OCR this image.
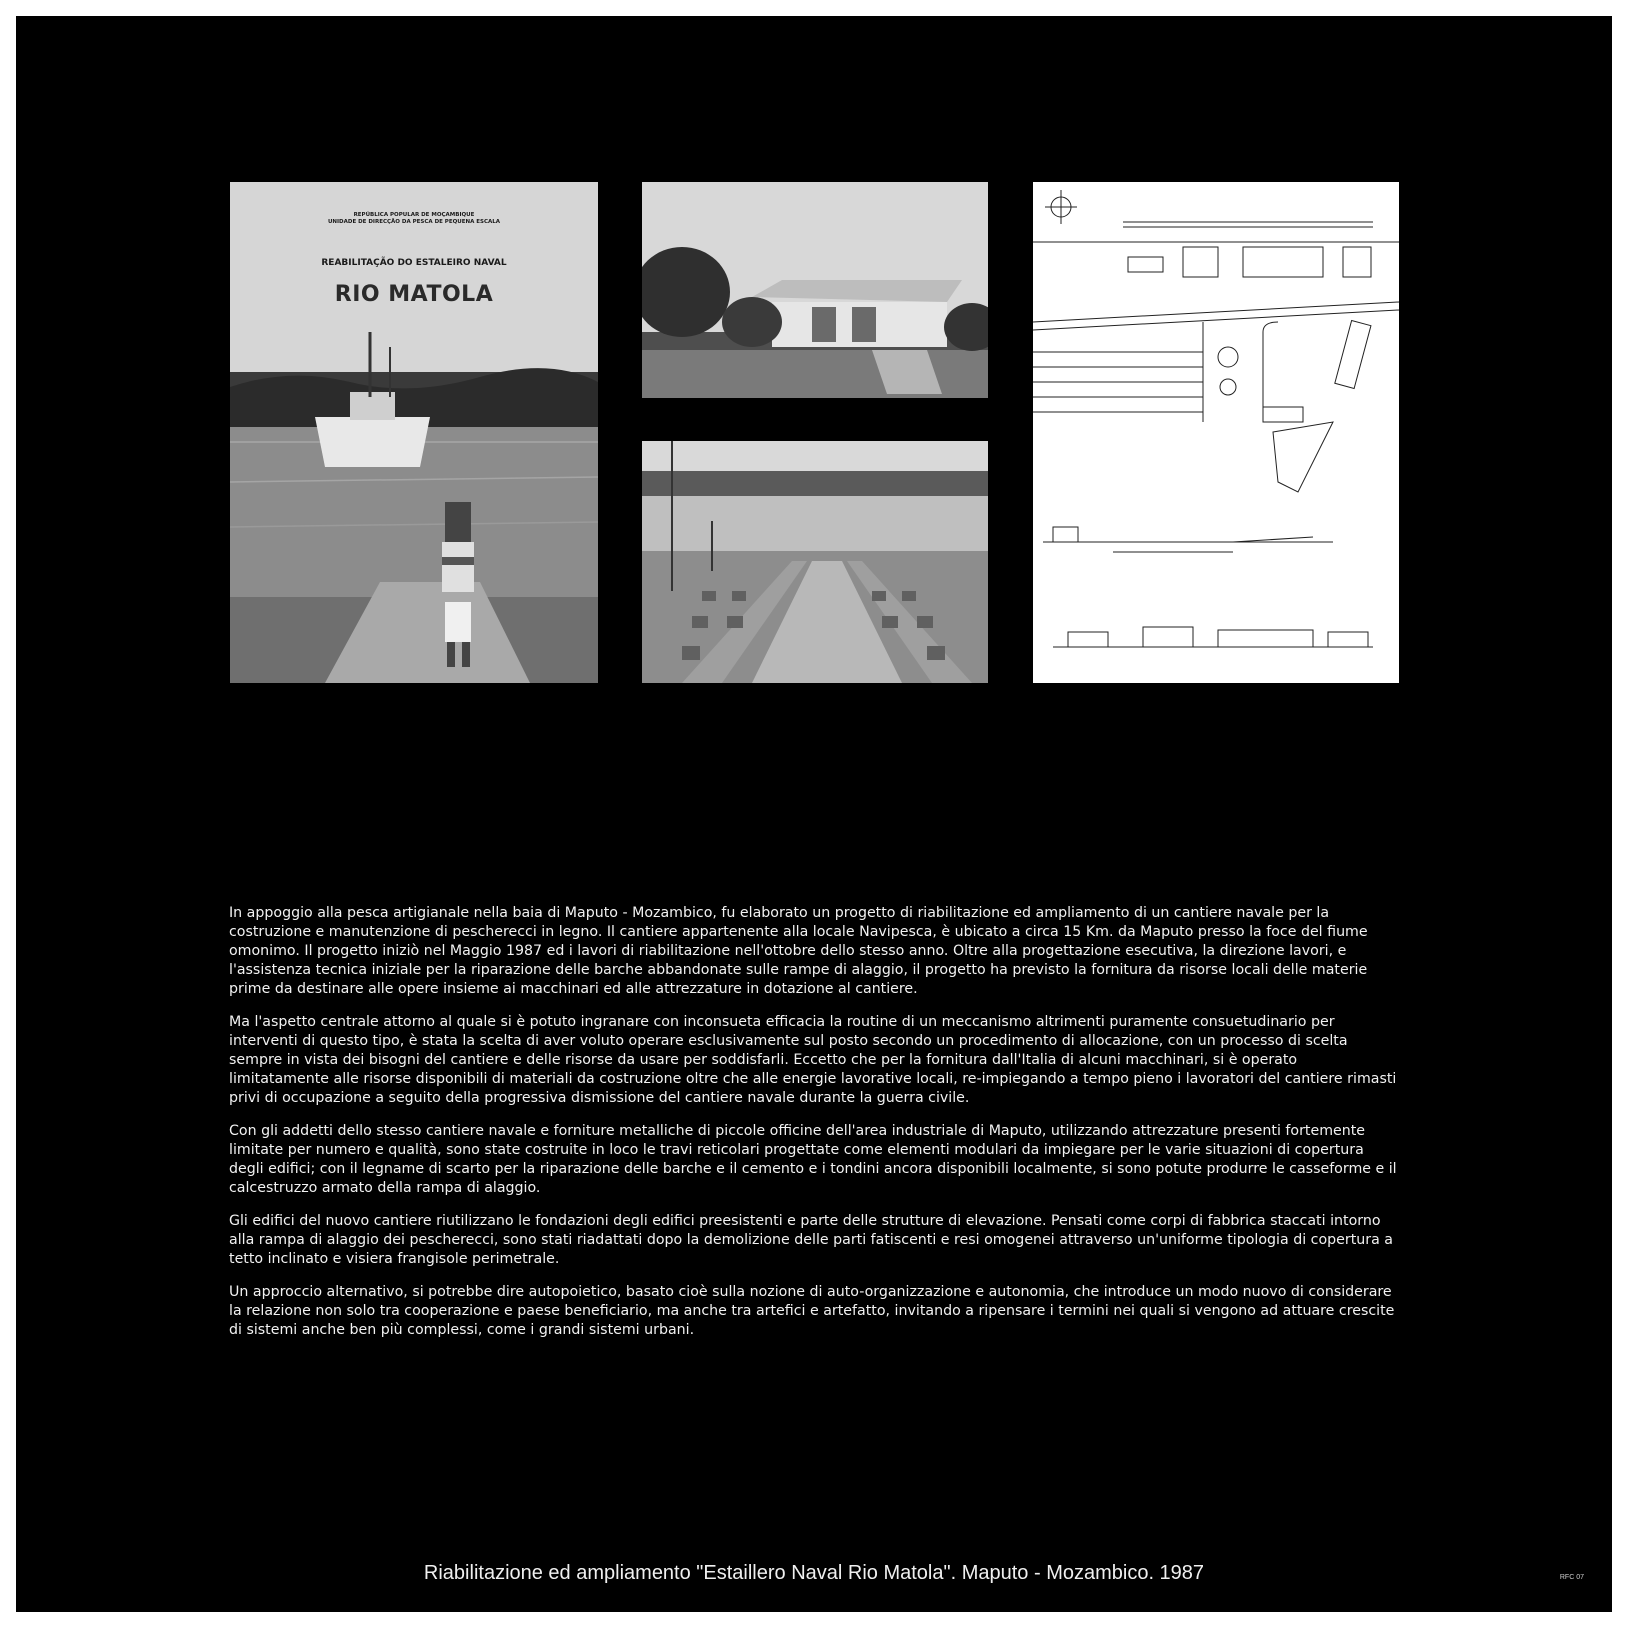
REPÚBLICA POPULAR DE MOÇAMBIQUE
UNIDADE DE DIRECÇÃO DA PESCA DE PEQUENA ESCALA
REABILITAÇÃO DO ESTALEIRO NAVAL
RIO MATOLA

In appoggio alla pesca artigianale nella baia di Maputo - Mozambico, fu elaborato un progetto di riabilitazione ed ampliamento di un cantiere navale per la costruzione e manutenzione di pescherecci in legno. Il cantiere appartenente alla locale Navipesca, è ubicato a circa 15 Km. da Maputo presso la foce del fiume omonimo. Il progetto iniziò nel Maggio 1987 ed i lavori di riabilitazione nell'ottobre dello stesso anno. Oltre alla progettazione esecutiva, la direzione lavori, e l'assistenza tecnica iniziale per la riparazione delle barche abbandonate sulle rampe di alaggio, il progetto ha previsto la fornitura da risorse locali delle materie prime da destinare alle opere insieme ai macchinari ed alle attrezzature in dotazione al cantiere.

Ma l'aspetto centrale attorno al quale si è potuto ingranare con inconsueta efficacia la routine di un meccanismo altrimenti puramente consuetudinario per interventi di questo tipo, è stata la scelta di aver voluto operare esclusivamente sul posto secondo un procedimento di allocazione, con un processo di scelta sempre in vista dei bisogni del cantiere e delle risorse da usare per soddisfarli. Eccetto che per la fornitura dall'Italia di alcuni macchinari, si è operato limitatamente alle risorse disponibili di materiali da costruzione oltre che alle energie lavorative locali, re-impiegando a tempo pieno i lavoratori del cantiere rimasti privi di occupazione a seguito della progressiva dismissione del cantiere navale durante la guerra civile.

Con gli addetti dello stesso cantiere navale e forniture metalliche di piccole officine dell'area industriale di Maputo, utilizzando attrezzature presenti fortemente limitate per numero e qualità, sono state costruite in loco le travi reticolari progettate come elementi modulari da impiegare per le varie situazioni di copertura degli edifici; con il legname di scarto per la riparazione delle barche e il cemento e i tondini ancora disponibili localmente, si sono potute produrre le casseforme e il calcestruzzo armato della rampa di alaggio.

Gli edifici del nuovo cantiere riutilizzano le fondazioni degli edifici preesistenti e parte delle strutture di elevazione. Pensati come corpi di fabbrica staccati intorno alla rampa di alaggio dei pescherecci, sono stati riadattati dopo la demolizione delle parti fatiscenti e resi omogenei attraverso un'uniforme tipologia di copertura a tetto inclinato e visiera frangisole perimetrale.

Un approccio alternativo, si potrebbe dire autopoietico, basato cioè sulla nozione di auto-organizzazione e autonomia, che introduce un modo nuovo di considerare la relazione non solo tra cooperazione e paese beneficiario, ma anche tra artefici e artefatto, invitando a ripensare i termini nei quali si vengono ad attuare crescite di sistemi anche ben più complessi, come i grandi sistemi urbani.

Riabilitazione ed ampliamento "Estaillero Naval Rio Matola". Maputo - Mozambico. 1987	RFC 07
